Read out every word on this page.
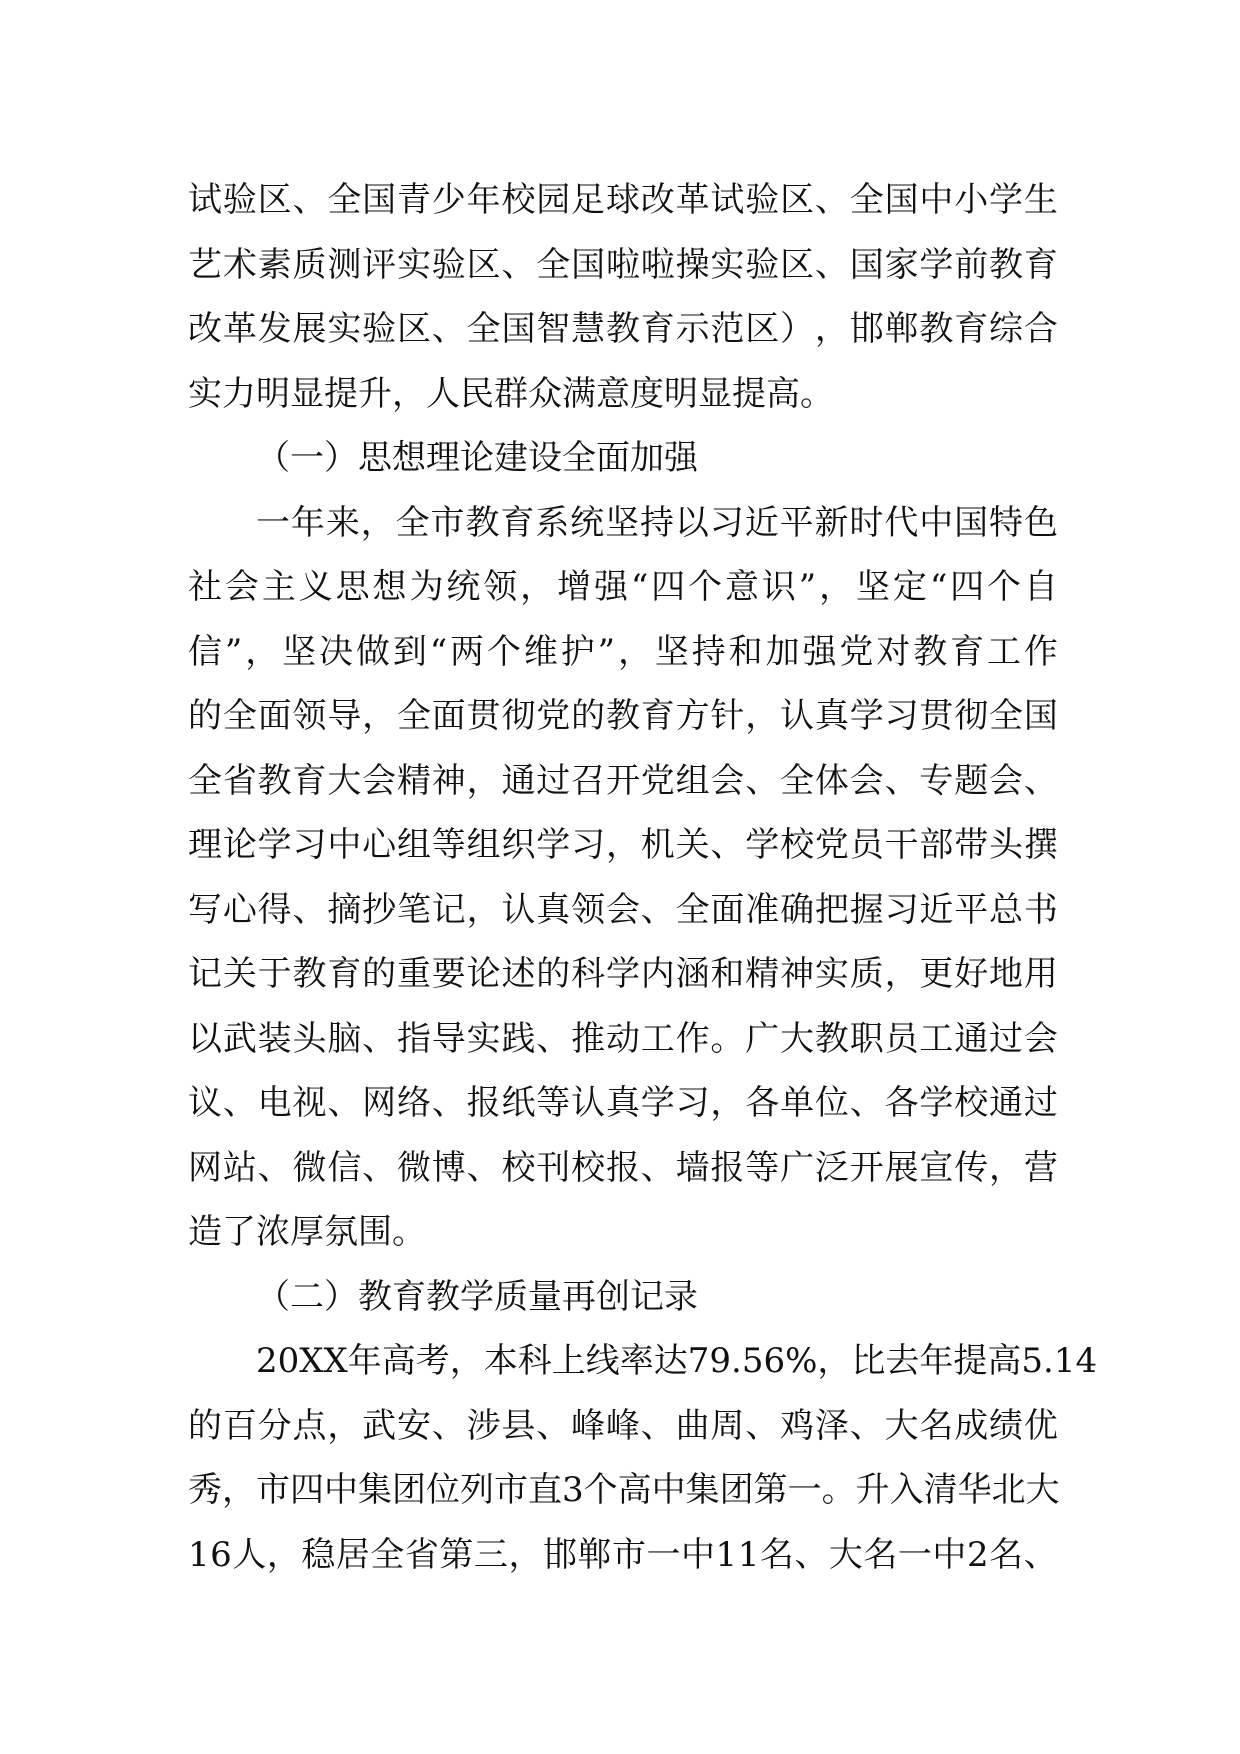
试 验 区 、 全 国 青 少 年 校 园 足 球 改 革 试 验 区 、 全 国 中 小 学 生
艺 术 素 质 测 评 实 验 区 、 全 国 啦 啦 操 实 验 区 、 国 家 学 前 教 育
改 革 发 展 实 验 区 、 全 国 智 慧 教 育 示 范 区 ） ， 邯 郸 教 育 综 合
实力明显提升，人民群众满意度明显提高。
（一）思想理论建设全面加强
一 年 来 ， 全 市 教 育 系 统 坚 持 以 习 近 平 新 时 代 中 国 特 色
社 会 主 义 思 想 为 统 领 ， 增 强 “ 四 个 意 识 ” ， 坚 定 “ 四 个 自
信 ” ， 坚 决 做 到 “ 两 个 维 护 ” ， 坚 持 和 加 强 党 对 教 育 工 作
的 全 面 领 导 ， 全 面 贯 彻 党 的 教 育 方 针 ， 认 真 学 习 贯 彻 全 国
全 省 教 育 大 会 精 神 ， 通 过 召 开 党 组 会 、 全 体 会 、 专 题 会 、
理 论 学 习 中 心 组 等 组 织 学 习 ， 机 关 、 学 校 党 员 干 部 带 头 撰
写 心 得 、 摘 抄 笔 记 ， 认 真 领 会 、 全 面 准 确 把 握 习 近 平 总 书
记 关 于 教 育 的 重 要 论 述 的 科 学 内 涵 和 精 神 实 质 ， 更 好 地 用
以 武 装 头 脑 、 指 导 实 践 、 推 动 工 作 。 广 大 教 职 员 工 通 过 会
议 、 电 视 、 网 络 、 报 纸 等 认 真 学 习 ， 各 单 位 、 各 学 校 通 过
网 站 、 微 信 、 微 博 、 校 刊 校 报 、 墙 报 等 广 泛 开 展 宣 传 ， 营
造了浓厚氛围。
（二）教育教学质量再创记录
2 0 X X 年 高 考 ， 本 科 上 线 率 达 7 9 . 5 6 % ， 比 去 年 提 高 5 . 1 4
的 百 分 点 ， 武 安 、 涉 县 、 峰 峰 、 曲 周 、 鸡 泽 、 大 名 成 绩 优
秀 ， 市 四 中 集 团 位 列 市 直 3 个 高 中 集 团 第 一 。 升 入 清 华 北 大
1 6 人 ， 稳 居 全 省 第 三 ， 邯 郸 市 一 中 1 1 名 、 大 名 一 中 2 名 、
